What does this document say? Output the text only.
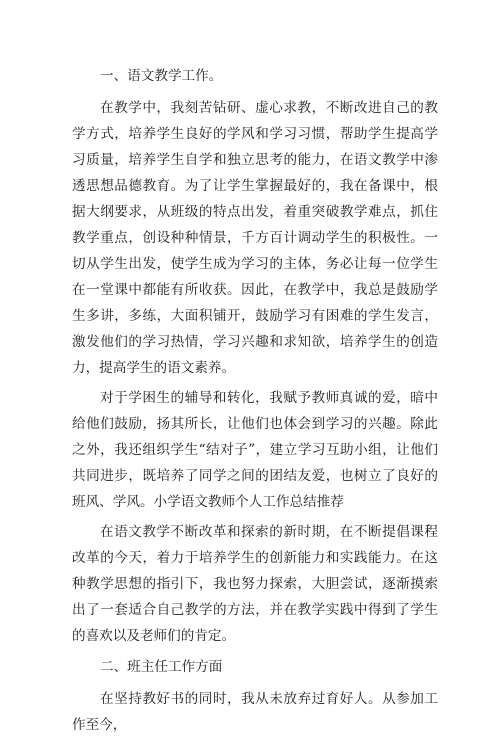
一、语文教学工作。

在教学中，我刻苦钻研、虚心求教，不断改进自己的教学方式，培养学生良好的学风和学习习惯，帮助学生提高学习质量，培养学生自学和独立思考的能力，在语文教学中渗透思想品德教育。为了让学生掌握最好的，我在备课中，根据大纲要求，从班级的特点出发，着重突破教学难点，抓住教学重点，创设种种情景，千方百计调动学生的积极性。一切从学生出发，使学生成为学习的主体，务必让每一位学生在一堂课中都能有所收获。因此，在教学中，我总是鼓励学生多讲，多练，大面积铺开，鼓励学习有困难的学生发言，激发他们的学习热情，学习兴趣和求知欲，培养学生的创造力，提高学生的语文素养。

对于学困生的辅导和转化，我赋予教师真诚的爱，暗中给他们鼓励，扬其所长，让他们也体会到学习的兴趣。除此之外，我还组织学生“结对子”，建立学习互助小组，让他们共同进步，既培养了同学之间的团结友爱，也树立了良好的班风、学风。小学语文教师个人工作总结推荐

在语文教学不断改革和探索的新时期，在不断提倡课程改革的今天，着力于培养学生的创新能力和实践能力。在这种教学思想的指引下，我也努力探索，大胆尝试，逐渐摸索出了一套适合自己教学的方法，并在教学实践中得到了学生的喜欢以及老师们的肯定。

二、班主任工作方面

在坚持教好书的同时，我从未放弃过育好人。从参加工作至今，
